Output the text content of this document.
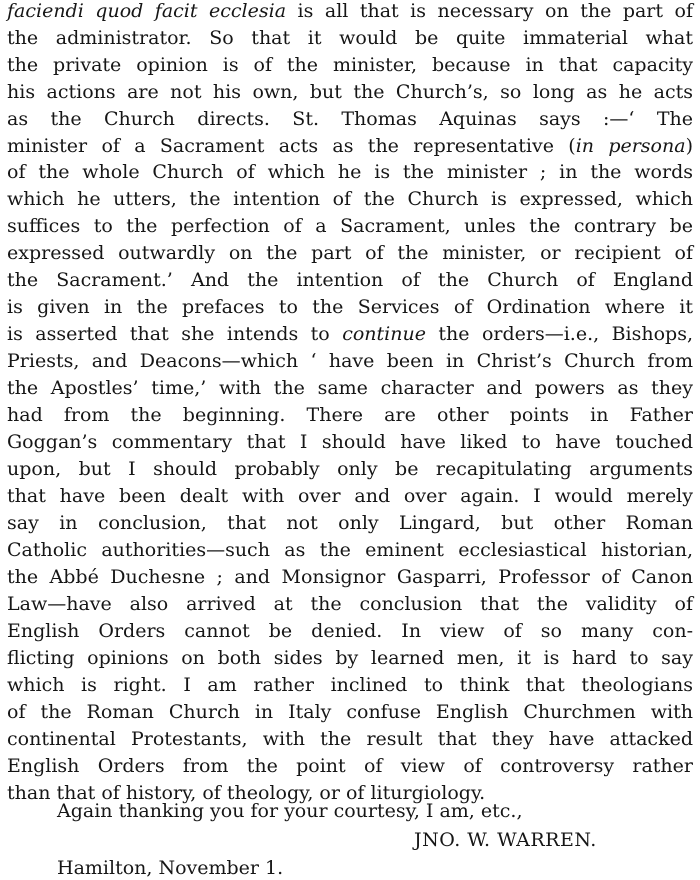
faciendi quod facit ecclesia is all that is necessary on the part of
the administrator. So that it would be quite immaterial what
the private opinion is of the minister, because in that capacity
his actions are not his own, but the Church’s, so long as he acts
as the Church directs. St. Thomas Aquinas says :—‘ The
minister of a Sacrament acts as the representative (in persona)
of the whole Church of which he is the minister ; in the words
which he utters, the intention of the Church is expressed, which
suffices to the perfection of a Sacrament, unles the contrary be
expressed outwardly on the part of the minister, or recipient of
the Sacrament.’ And the intention of the Church of England
is given in the prefaces to the Services of Ordination where it
is asserted that she intends to continue the orders—i.e., Bishops,
Priests, and Deacons—which ‘ have been in Christ’s Church from
the Apostles’ time,’ with the same character and powers as they
had from the beginning. There are other points in Father
Goggan’s commentary that I should have liked to have touched
upon, but I should probably only be recapitulating arguments
that have been dealt with over and over again. I would merely
say in conclusion, that not only Lingard, but other Roman
Catholic authorities—such as the eminent ecclesiastical historian,
the Abbé Duchesne ; and Monsignor Gasparri, Professor of Canon
Law—have also arrived at the conclusion that the validity of
English Orders cannot be denied. In view of so many con-
flicting opinions on both sides by learned men, it is hard to say
which is right. I am rather inclined to think that theologians
of the Roman Church in Italy confuse English Churchmen with
continental Protestants, with the result that they have attacked
English Orders from the point of view of controversy rather
than that of history, of theology, or of liturgiology.
Again thanking you for your courtesy, I am, etc.,
JNO. W. WARREN.
Hamilton, November 1.
